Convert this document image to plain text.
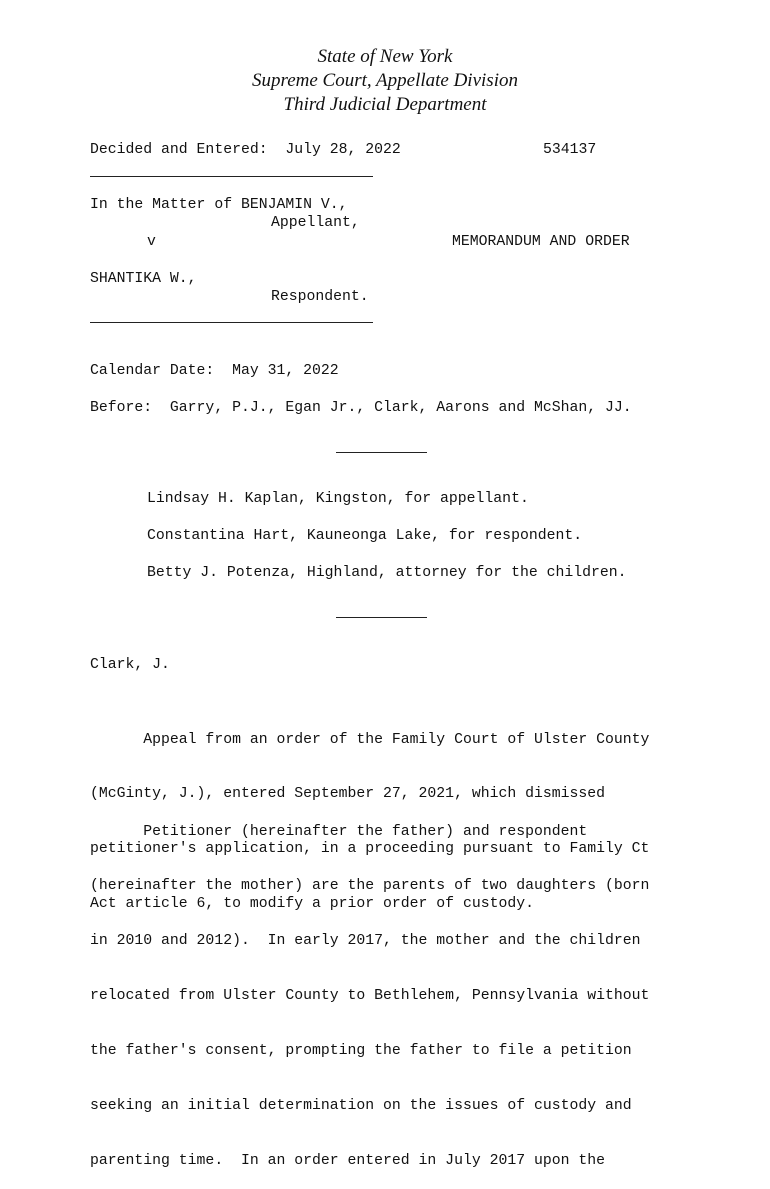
State of New York
Supreme Court, Appellate Division
Third Judicial Department
Decided and Entered:  July 28, 2022	534137
In the Matter of BENJAMIN V.,
Appellant,
v	MEMORANDUM AND ORDER
SHANTIKA W.,
Respondent.
Calendar Date:  May 31, 2022
Before:  Garry, P.J., Egan Jr., Clark, Aarons and McShan, JJ.
Lindsay H. Kaplan, Kingston, for appellant.
Constantina Hart, Kauneonga Lake, for respondent.
Betty J. Potenza, Highland, attorney for the children.
Clark, J.

Appeal from an order of the Family Court of Ulster County

(McGinty, J.), entered September 27, 2021, which dismissed

petitioner's application, in a proceeding pursuant to Family Ct

Act article 6, to modify a prior order of custody.

Petitioner (hereinafter the father) and respondent

(hereinafter the mother) are the parents of two daughters (born

in 2010 and 2012).  In early 2017, the mother and the children

relocated from Ulster County to Bethlehem, Pennsylvania without

the father's consent, prompting the father to file a petition

seeking an initial determination on the issues of custody and

parenting time.  In an order entered in July 2017 upon the
